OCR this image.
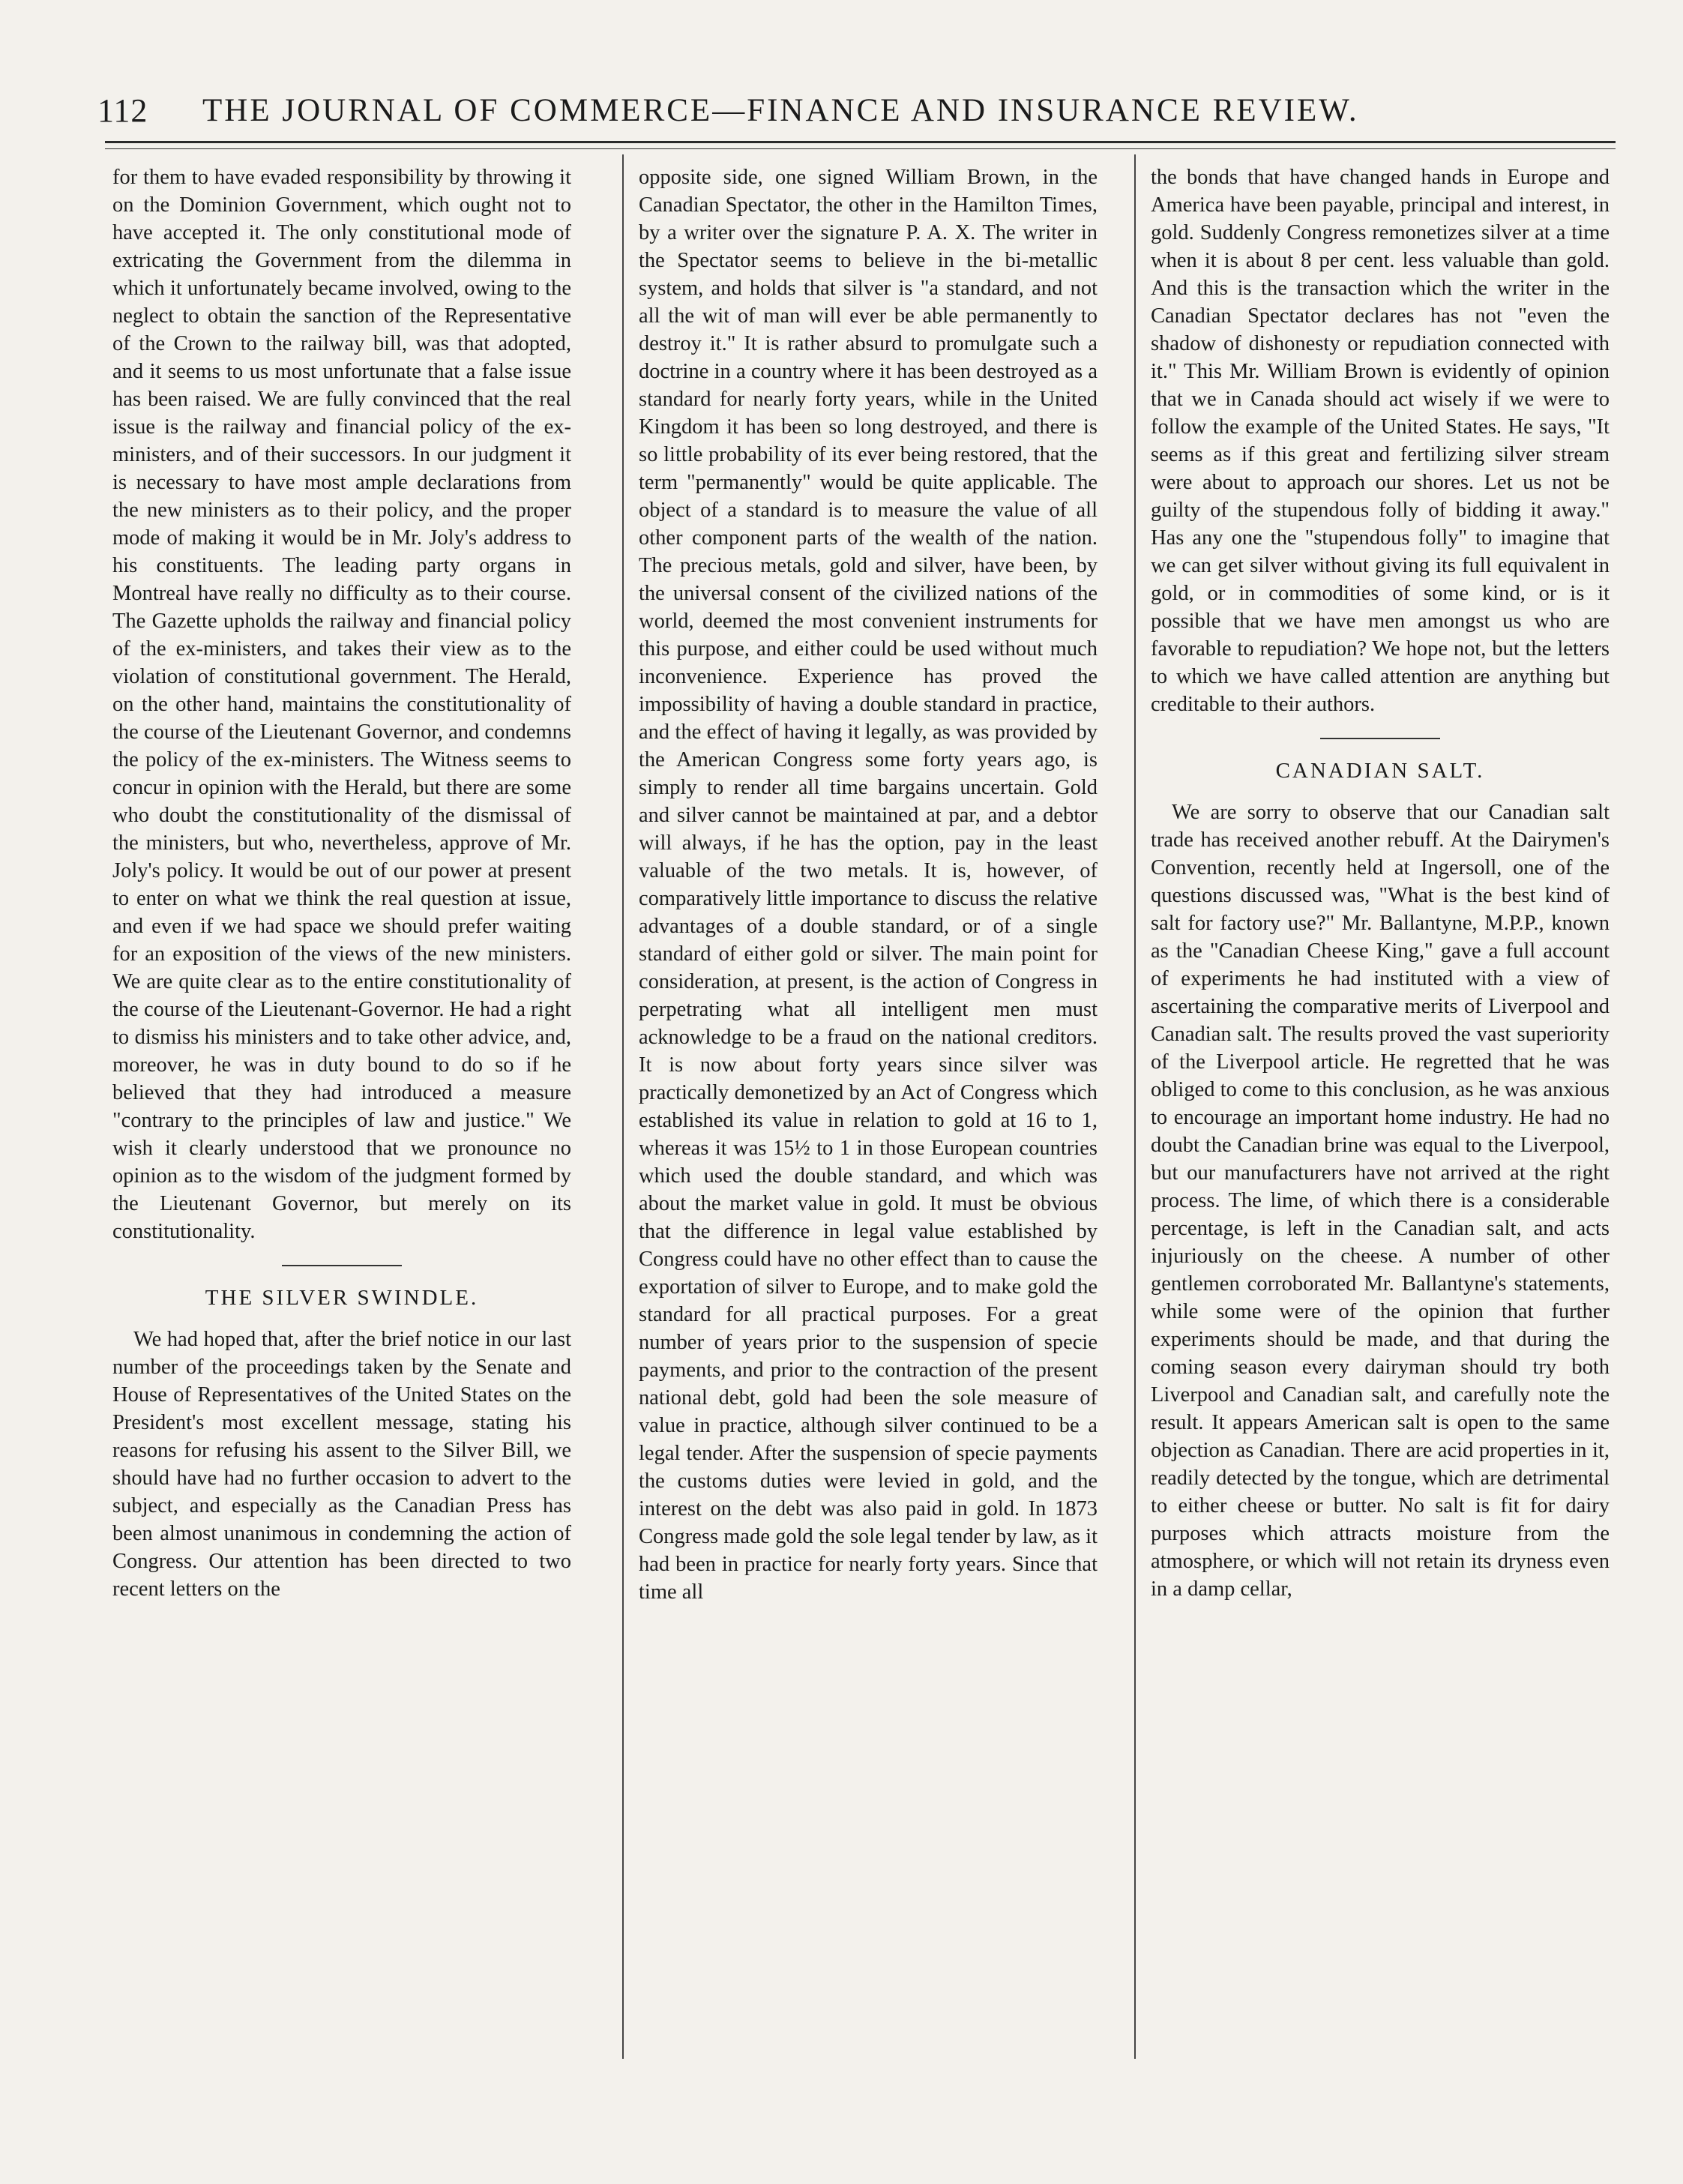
112	THE JOURNAL OF COMMERCE—FINANCE AND INSURANCE REVIEW.

for them to have evaded responsibility by throwing it on the Dominion Government, which ought not to have accepted it. The only constitutional mode of extricating the Government from the dilemma in which it unfortunately became involved, owing to the neglect to obtain the sanction of the Representative of the Crown to the railway bill, was that adopted, and it seems to us most unfortunate that a false issue has been raised. We are fully convinced that the real issue is the railway and financial policy of the ex-ministers, and of their successors. In our judgment it is necessary to have most ample declarations from the new ministers as to their policy, and the proper mode of making it would be in Mr. Joly's address to his constituents. The leading party organs in Montreal have really no difficulty as to their course. The Gazette upholds the railway and financial policy of the ex-ministers, and takes their view as to the violation of constitutional government. The Herald, on the other hand, maintains the constitutionality of the course of the Lieutenant Governor, and condemns the policy of the ex-ministers. The Witness seems to concur in opinion with the Herald, but there are some who doubt the constitutionality of the dismissal of the ministers, but who, nevertheless, approve of Mr. Joly's policy. It would be out of our power at present to enter on what we think the real question at issue, and even if we had space we should prefer waiting for an exposition of the views of the new ministers. We are quite clear as to the entire constitutionality of the course of the Lieutenant-Governor. He had a right to dismiss his ministers and to take other advice, and, moreover, he was in duty bound to do so if he believed that they had introduced a measure "contrary to the principles of law and justice." We wish it clearly understood that we pronounce no opinion as to the wisdom of the judgment formed by the Lieutenant Governor, but merely on its constitutionality.

THE SILVER SWINDLE.

We had hoped that, after the brief notice in our last number of the proceedings taken by the Senate and House of Representatives of the United States on the President's most excellent message, stating his reasons for refusing his assent to the Silver Bill, we should have had no further occasion to advert to the subject, and especially as the Canadian Press has been almost unanimous in condemning the action of Congress. Our attention has been directed to two recent letters on the

opposite side, one signed William Brown, in the Canadian Spectator, the other in the Hamilton Times, by a writer over the signature P. A. X. The writer in the Spectator seems to believe in the bi-metallic system, and holds that silver is "a standard, and not all the wit of man will ever be able permanently to destroy it." It is rather absurd to promulgate such a doctrine in a country where it has been destroyed as a standard for nearly forty years, while in the United Kingdom it has been so long destroyed, and there is so little probability of its ever being restored, that the term "permanently" would be quite applicable. The object of a standard is to measure the value of all other component parts of the wealth of the nation. The precious metals, gold and silver, have been, by the universal consent of the civilized nations of the world, deemed the most convenient instruments for this purpose, and either could be used without much inconvenience. Experience has proved the impossibility of having a double standard in practice, and the effect of having it legally, as was provided by the American Congress some forty years ago, is simply to render all time bargains uncertain. Gold and silver cannot be maintained at par, and a debtor will always, if he has the option, pay in the least valuable of the two metals. It is, however, of comparatively little importance to discuss the relative advantages of a double standard, or of a single standard of either gold or silver. The main point for consideration, at present, is the action of Congress in perpetrating what all intelligent men must acknowledge to be a fraud on the national creditors. It is now about forty years since silver was practically demonetized by an Act of Congress which established its value in relation to gold at 16 to 1, whereas it was 15½ to 1 in those European countries which used the double standard, and which was about the market value in gold. It must be obvious that the difference in legal value established by Congress could have no other effect than to cause the exportation of silver to Europe, and to make gold the standard for all practical purposes. For a great number of years prior to the suspension of specie payments, and prior to the contraction of the present national debt, gold had been the sole measure of value in practice, although silver continued to be a legal tender. After the suspension of specie payments the customs duties were levied in gold, and the interest on the debt was also paid in gold. In 1873 Congress made gold the sole legal tender by law, as it had been in practice for nearly forty years. Since that time all

the bonds that have changed hands in Europe and America have been payable, principal and interest, in gold. Suddenly Congress remonetizes silver at a time when it is about 8 per cent. less valuable than gold. And this is the transaction which the writer in the Canadian Spectator declares has not "even the shadow of dishonesty or repudiation connected with it." This Mr. William Brown is evidently of opinion that we in Canada should act wisely if we were to follow the example of the United States. He says, "It seems as if this great and fertilizing silver stream were about to approach our shores. Let us not be guilty of the stupendous folly of bidding it away." Has any one the "stupendous folly" to imagine that we can get silver without giving its full equivalent in gold, or in commodities of some kind, or is it possible that we have men amongst us who are favorable to repudiation? We hope not, but the letters to which we have called attention are anything but creditable to their authors.

CANADIAN SALT.

We are sorry to observe that our Canadian salt trade has received another rebuff. At the Dairymen's Convention, recently held at Ingersoll, one of the questions discussed was, "What is the best kind of salt for factory use?" Mr. Ballantyne, M.P.P., known as the "Canadian Cheese King," gave a full account of experiments he had instituted with a view of ascertaining the comparative merits of Liverpool and Canadian salt. The results proved the vast superiority of the Liverpool article. He regretted that he was obliged to come to this conclusion, as he was anxious to encourage an important home industry. He had no doubt the Canadian brine was equal to the Liverpool, but our manufacturers have not arrived at the right process. The lime, of which there is a considerable percentage, is left in the Canadian salt, and acts injuriously on the cheese. A number of other gentlemen corroborated Mr. Ballantyne's statements, while some were of the opinion that further experiments should be made, and that during the coming season every dairyman should try both Liverpool and Canadian salt, and carefully note the result. It appears American salt is open to the same objection as Canadian. There are acid properties in it, readily detected by the tongue, which are detrimental to either cheese or butter. No salt is fit for dairy purposes which attracts moisture from the atmosphere, or which will not retain its dryness even in a damp cellar,
